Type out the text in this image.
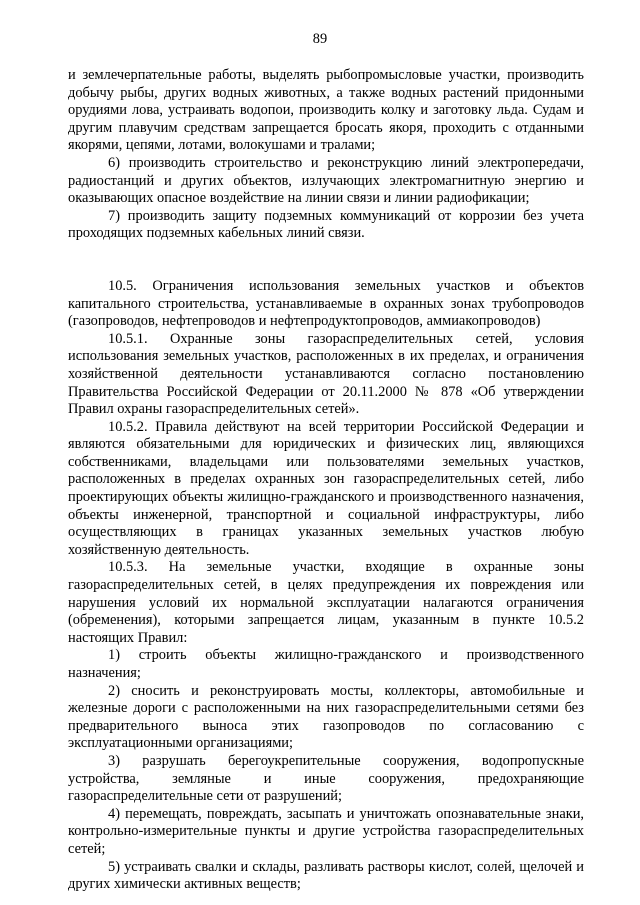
89

и землечерпательные работы, выделять рыбопромысловые участки, производить добычу рыбы, других водных животных, а также водных растений придонными орудиями лова, устраивать водопои, производить колку и заготовку льда. Судам и другим плавучим средствам запрещается бросать якоря, проходить с отданными якорями, цепями, лотами, волокушами и тралами;

6) производить строительство и реконструкцию линий электропередачи, радиостанций и других объектов, излучающих электромагнитную энергию и оказывающих опасное воздействие на линии связи и линии радиофикации;

7) производить защиту подземных коммуникаций от коррозии без учета проходящих подземных кабельных линий связи.

10.5. Ограничения использования земельных участков и объектов капитального строительства, устанавливаемые в охранных зонах трубопроводов (газопроводов, нефтепроводов и нефтепродуктопроводов, аммиакопроводов)

10.5.1. Охранные зоны газораспределительных сетей, условия использования земельных участков, расположенных в их пределах, и ограничения хозяйственной деятельности устанавливаются согласно постановлению Правительства Российской Федерации от 20.11.2000 № 878 «Об утверждении Правил охраны газораспределительных сетей».

10.5.2. Правила действуют на всей территории Российской Федерации и являются обязательными для юридических и физических лиц, являющихся собственниками, владельцами или пользователями земельных участков, расположенных в пределах охранных зон газораспределительных сетей, либо проектирующих объекты жилищно-гражданского и производственного назначения, объекты инженерной, транспортной и социальной инфраструктуры, либо осуществляющих в границах указанных земельных участков любую хозяйственную деятельность.

10.5.3. На земельные участки, входящие в охранные зоны газораспределительных сетей, в целях предупреждения их повреждения или нарушения условий их нормальной эксплуатации налагаются ограничения (обременения), которыми запрещается лицам, указанным в пункте 10.5.2 настоящих Правил:

1) строить объекты жилищно-гражданского и производственного назначения;

2) сносить и реконструировать мосты, коллекторы, автомобильные и железные дороги с расположенными на них газораспределительными сетями без предварительного выноса этих газопроводов по согласованию с эксплуатационными организациями;

3) разрушать берегоукрепительные сооружения, водопропускные устройства, земляные и иные сооружения, предохраняющие газораспределительные сети от разрушений;

4) перемещать, повреждать, засыпать и уничтожать опознавательные знаки, контрольно-измерительные пункты и другие устройства газораспределительных сетей;

5) устраивать свалки и склады, разливать растворы кислот, солей, щелочей и других химически активных веществ;
